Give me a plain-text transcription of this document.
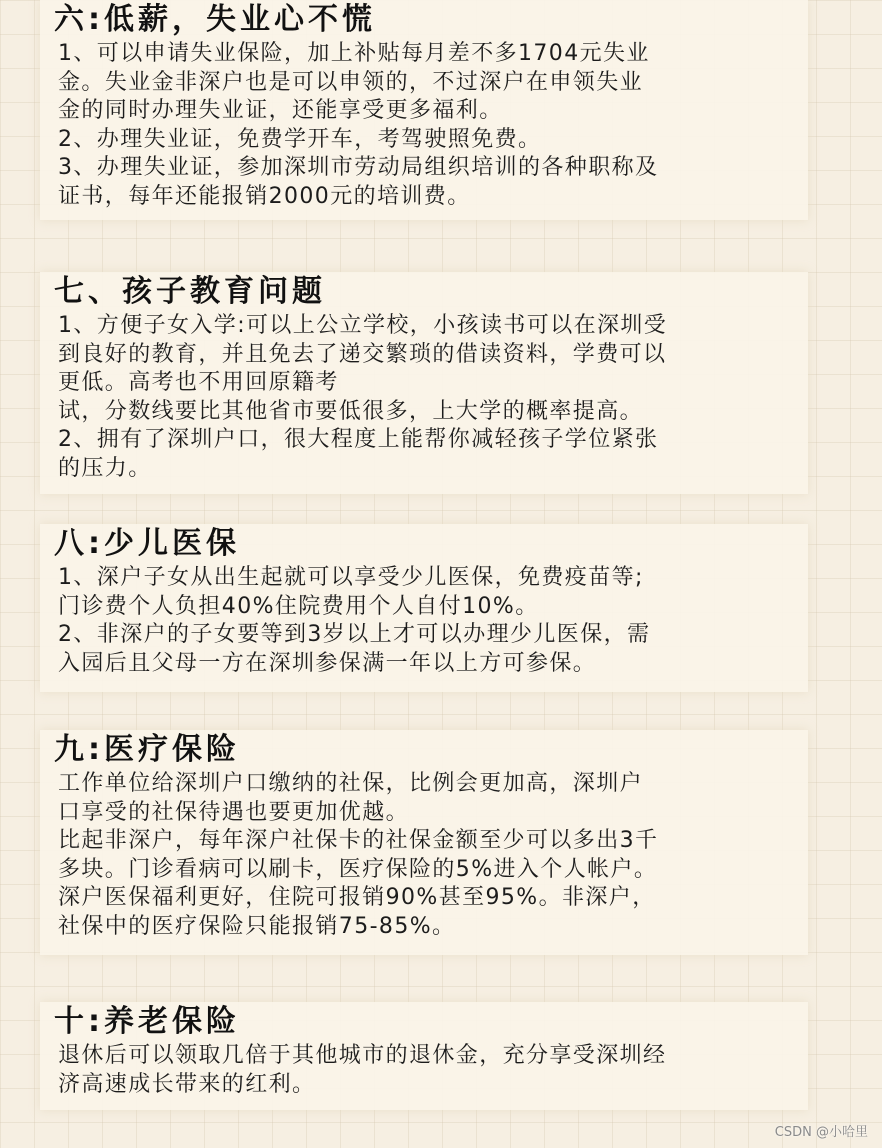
六:低薪，失业心不慌

1、可以申请失业保险，加上补贴每月差不多1704元失业

金。失业金非深户也是可以申领的，不过深户在申领失业

金的同时办理失业证，还能享受更多福利。

2、办理失业证，免费学开车，考驾驶照免费。

3、办理失业证，参加深圳市劳动局组织培训的各种职称及

证书，每年还能报销2000元的培训费。

七、孩子教育问题

1、方便子女入学:可以上公立学校，小孩读书可以在深圳受

到良好的教育，并且免去了递交繁琐的借读资料，学费可以

更低。高考也不用回原籍考

试，分数线要比其他省市要低很多，上大学的概率提高。

2、拥有了深圳户口，很大程度上能帮你减轻孩子学位紧张

的压力。

八:少儿医保

1、深户子女从出生起就可以享受少儿医保，免费疫苗等;

门诊费个人负担40%住院费用个人自付10%。

2、非深户的子女要等到3岁以上才可以办理少儿医保，需

入园后且父母一方在深圳参保满一年以上方可参保。

九:医疗保险

工作单位给深圳户口缴纳的社保，比例会更加高，深圳户

口享受的社保待遇也要更加优越。

比起非深户，每年深户社保卡的社保金额至少可以多出3千

多块。门诊看病可以刷卡，医疗保险的5%进入个人帐户。

深户医保福利更好，住院可报销90%甚至95%。非深户，

社保中的医疗保险只能报销75-85%。

十:养老保险

退休后可以领取几倍于其他城市的退休金，充分享受深圳经

济高速成长带来的红利。

CSDN @小哈里
